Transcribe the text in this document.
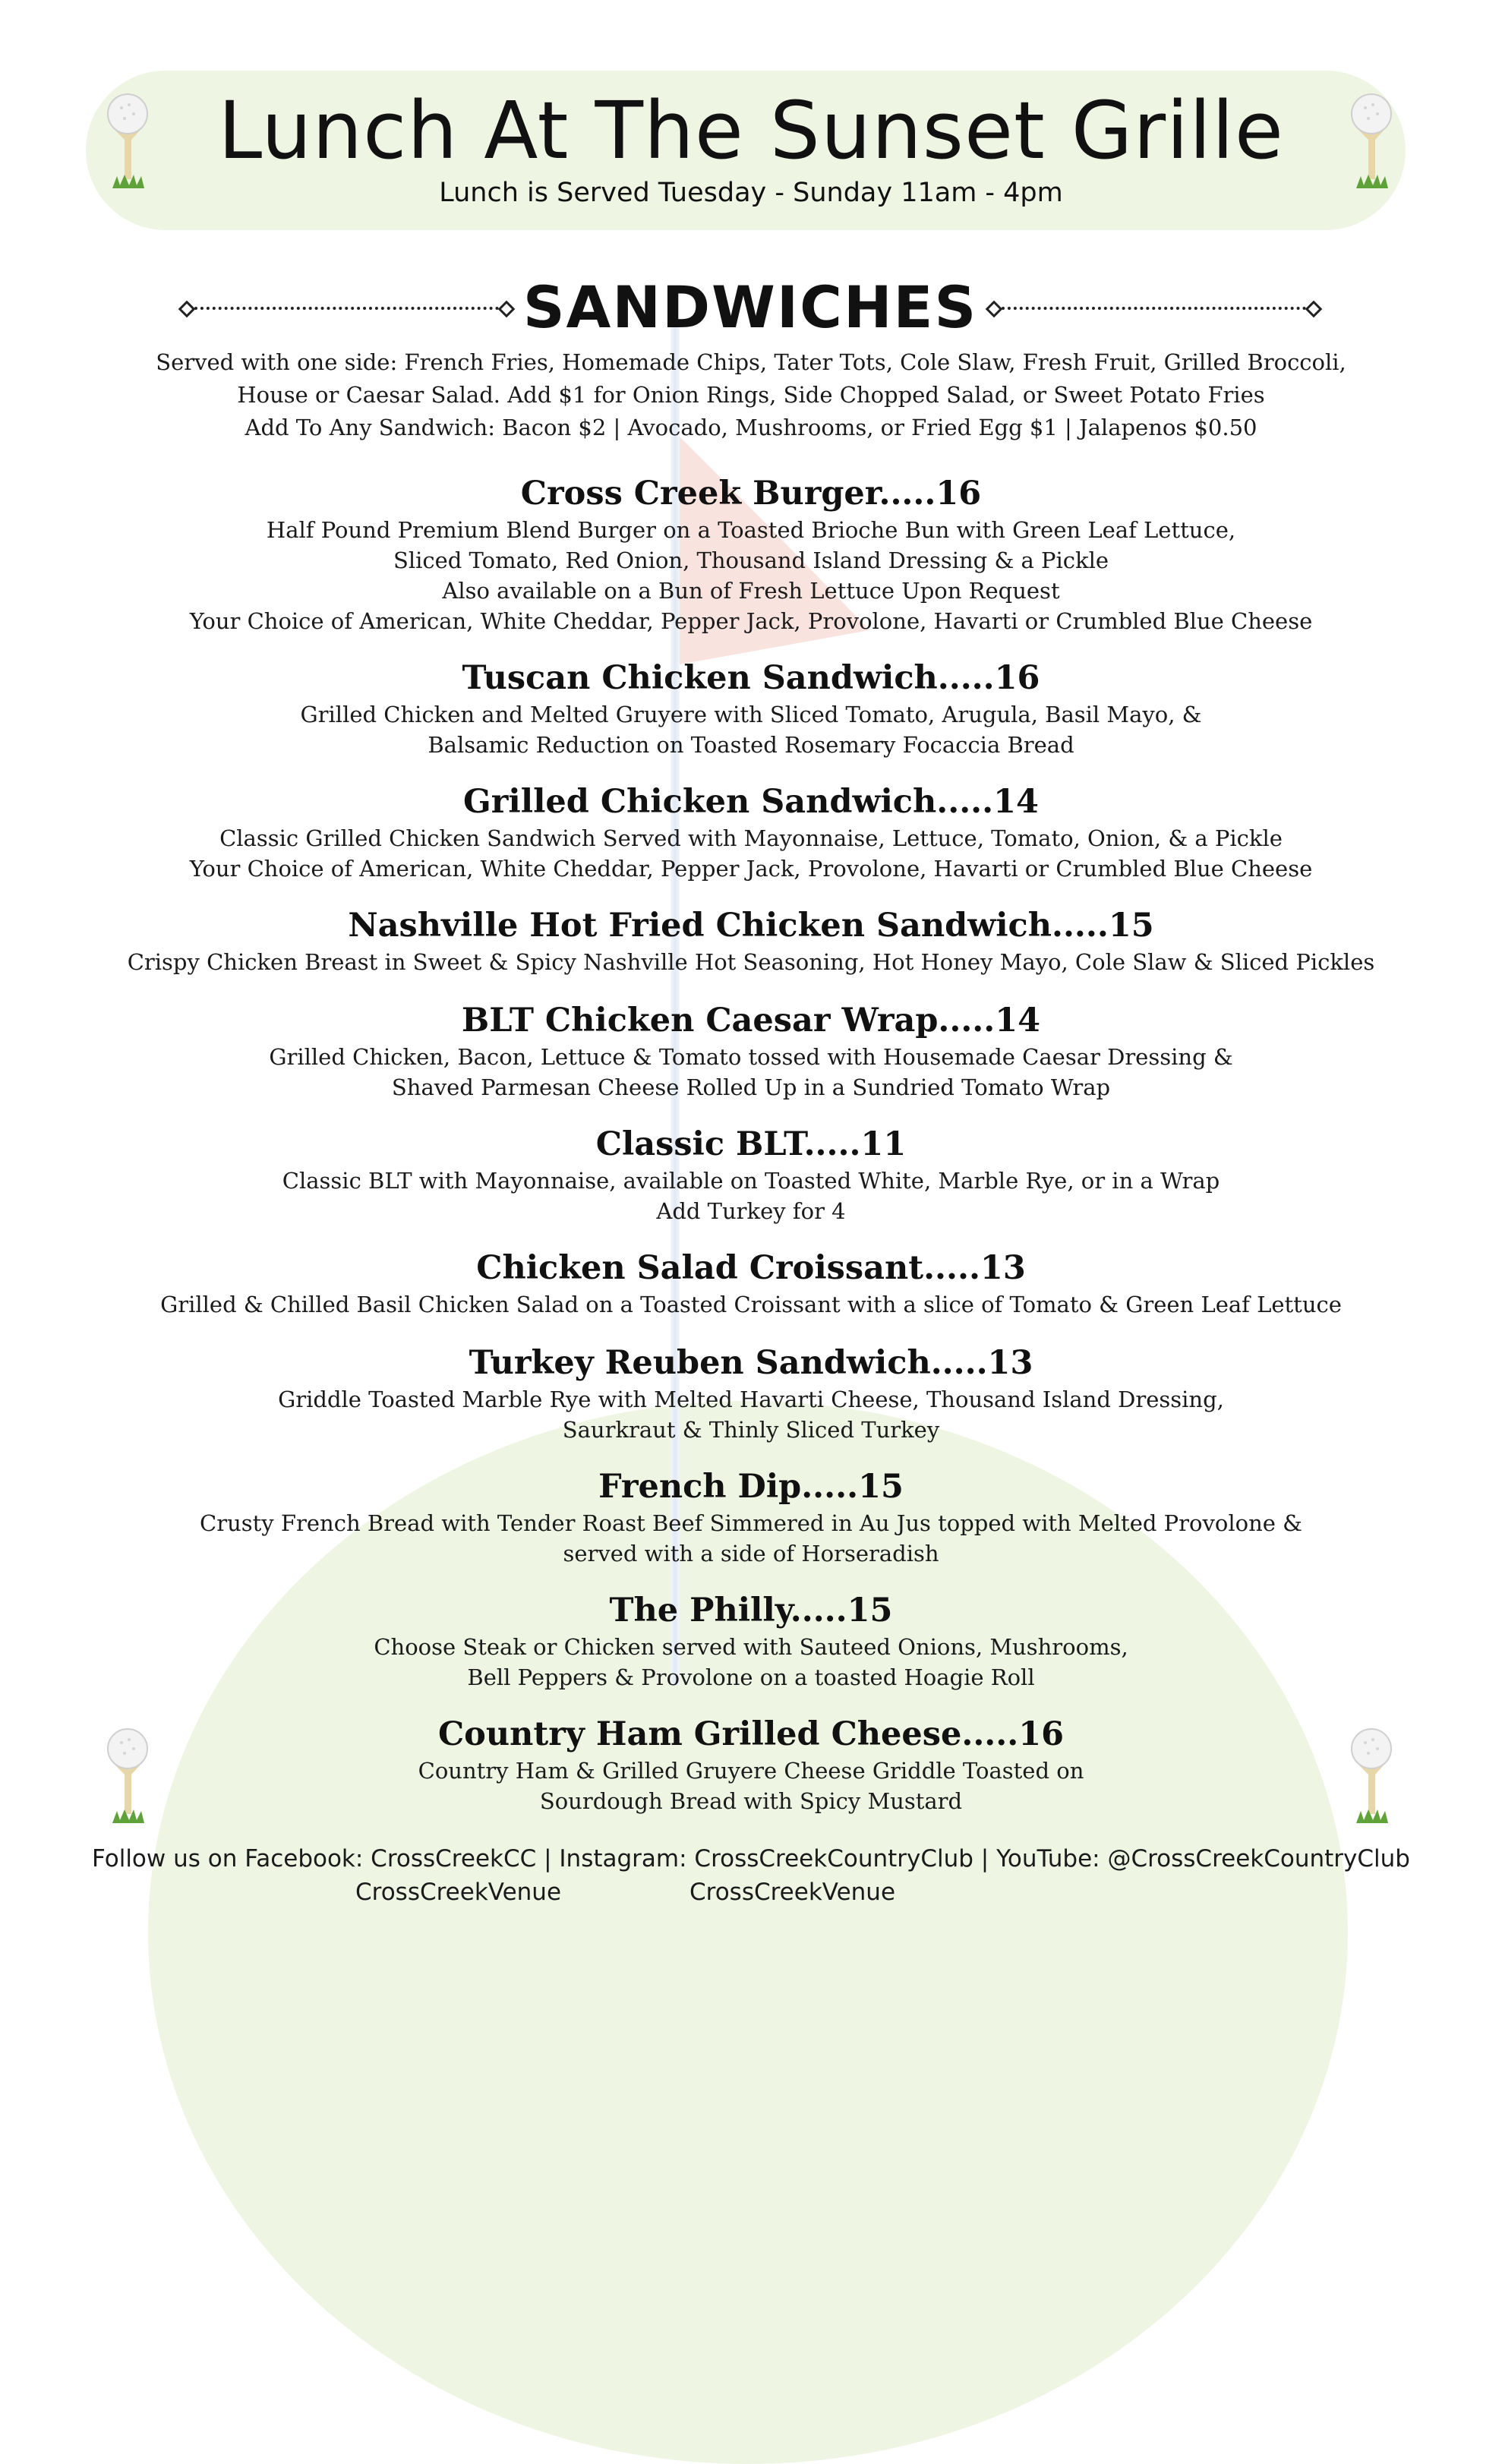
Lunch At The Sunset Grille
Lunch is Served Tuesday - Sunday 11am - 4pm
SANDWICHES
Served with one side: French Fries, Homemade Chips, Tater Tots, Cole Slaw, Fresh Fruit, Grilled Broccoli,
House or Caesar Salad. Add $1 for Onion Rings, Side Chopped Salad, or Sweet Potato Fries
Add To Any Sandwich: Bacon $2 | Avocado, Mushrooms, or Fried Egg $1 | Jalapenos $0.50
Cross Creek Burger.....16
Half Pound Premium Blend Burger on a Toasted Brioche Bun with Green Leaf Lettuce,
Sliced Tomato, Red Onion, Thousand Island Dressing & a Pickle
Also available on a Bun of Fresh Lettuce Upon Request
Your Choice of American, White Cheddar, Pepper Jack, Provolone, Havarti or Crumbled Blue Cheese
Tuscan Chicken Sandwich.....16
Grilled Chicken and Melted Gruyere with Sliced Tomato, Arugula, Basil Mayo, &
Balsamic Reduction on Toasted Rosemary Focaccia Bread
Grilled Chicken Sandwich.....14
Classic Grilled Chicken Sandwich Served with Mayonnaise, Lettuce, Tomato, Onion, & a Pickle
Your Choice of American, White Cheddar, Pepper Jack, Provolone, Havarti or Crumbled Blue Cheese
Nashville Hot Fried Chicken Sandwich.....15
Crispy Chicken Breast in Sweet & Spicy Nashville Hot Seasoning, Hot Honey Mayo, Cole Slaw & Sliced Pickles
BLT Chicken Caesar Wrap.....14
Grilled Chicken, Bacon, Lettuce & Tomato tossed with Housemade Caesar Dressing &
Shaved Parmesan Cheese Rolled Up in a Sundried Tomato Wrap
Classic BLT.....11
Classic BLT with Mayonnaise, available on Toasted White, Marble Rye, or in a Wrap
Add Turkey for 4
Chicken Salad Croissant.....13
Grilled & Chilled Basil Chicken Salad on a Toasted Croissant with a slice of Tomato & Green Leaf Lettuce
Turkey Reuben Sandwich.....13
Griddle Toasted Marble Rye with Melted Havarti Cheese, Thousand Island Dressing,
Saurkraut & Thinly Sliced Turkey
French Dip.....15
Crusty French Bread with Tender Roast Beef Simmered in Au Jus topped with Melted Provolone &
served with a side of Horseradish
The Philly.....15
Choose Steak or Chicken served with Sauteed Onions, Mushrooms,
Bell Peppers & Provolone on a toasted Hoagie Roll
Country Ham Grilled Cheese.....16
Country Ham & Grilled Gruyere Cheese Griddle Toasted on
Sourdough Bread with Spicy Mustard
Follow us on Facebook: CrossCreekCC | Instagram: CrossCreekCountryClub | YouTube: @CrossCreekCountryClub
CrossCreekVenue	CrossCreekVenue
